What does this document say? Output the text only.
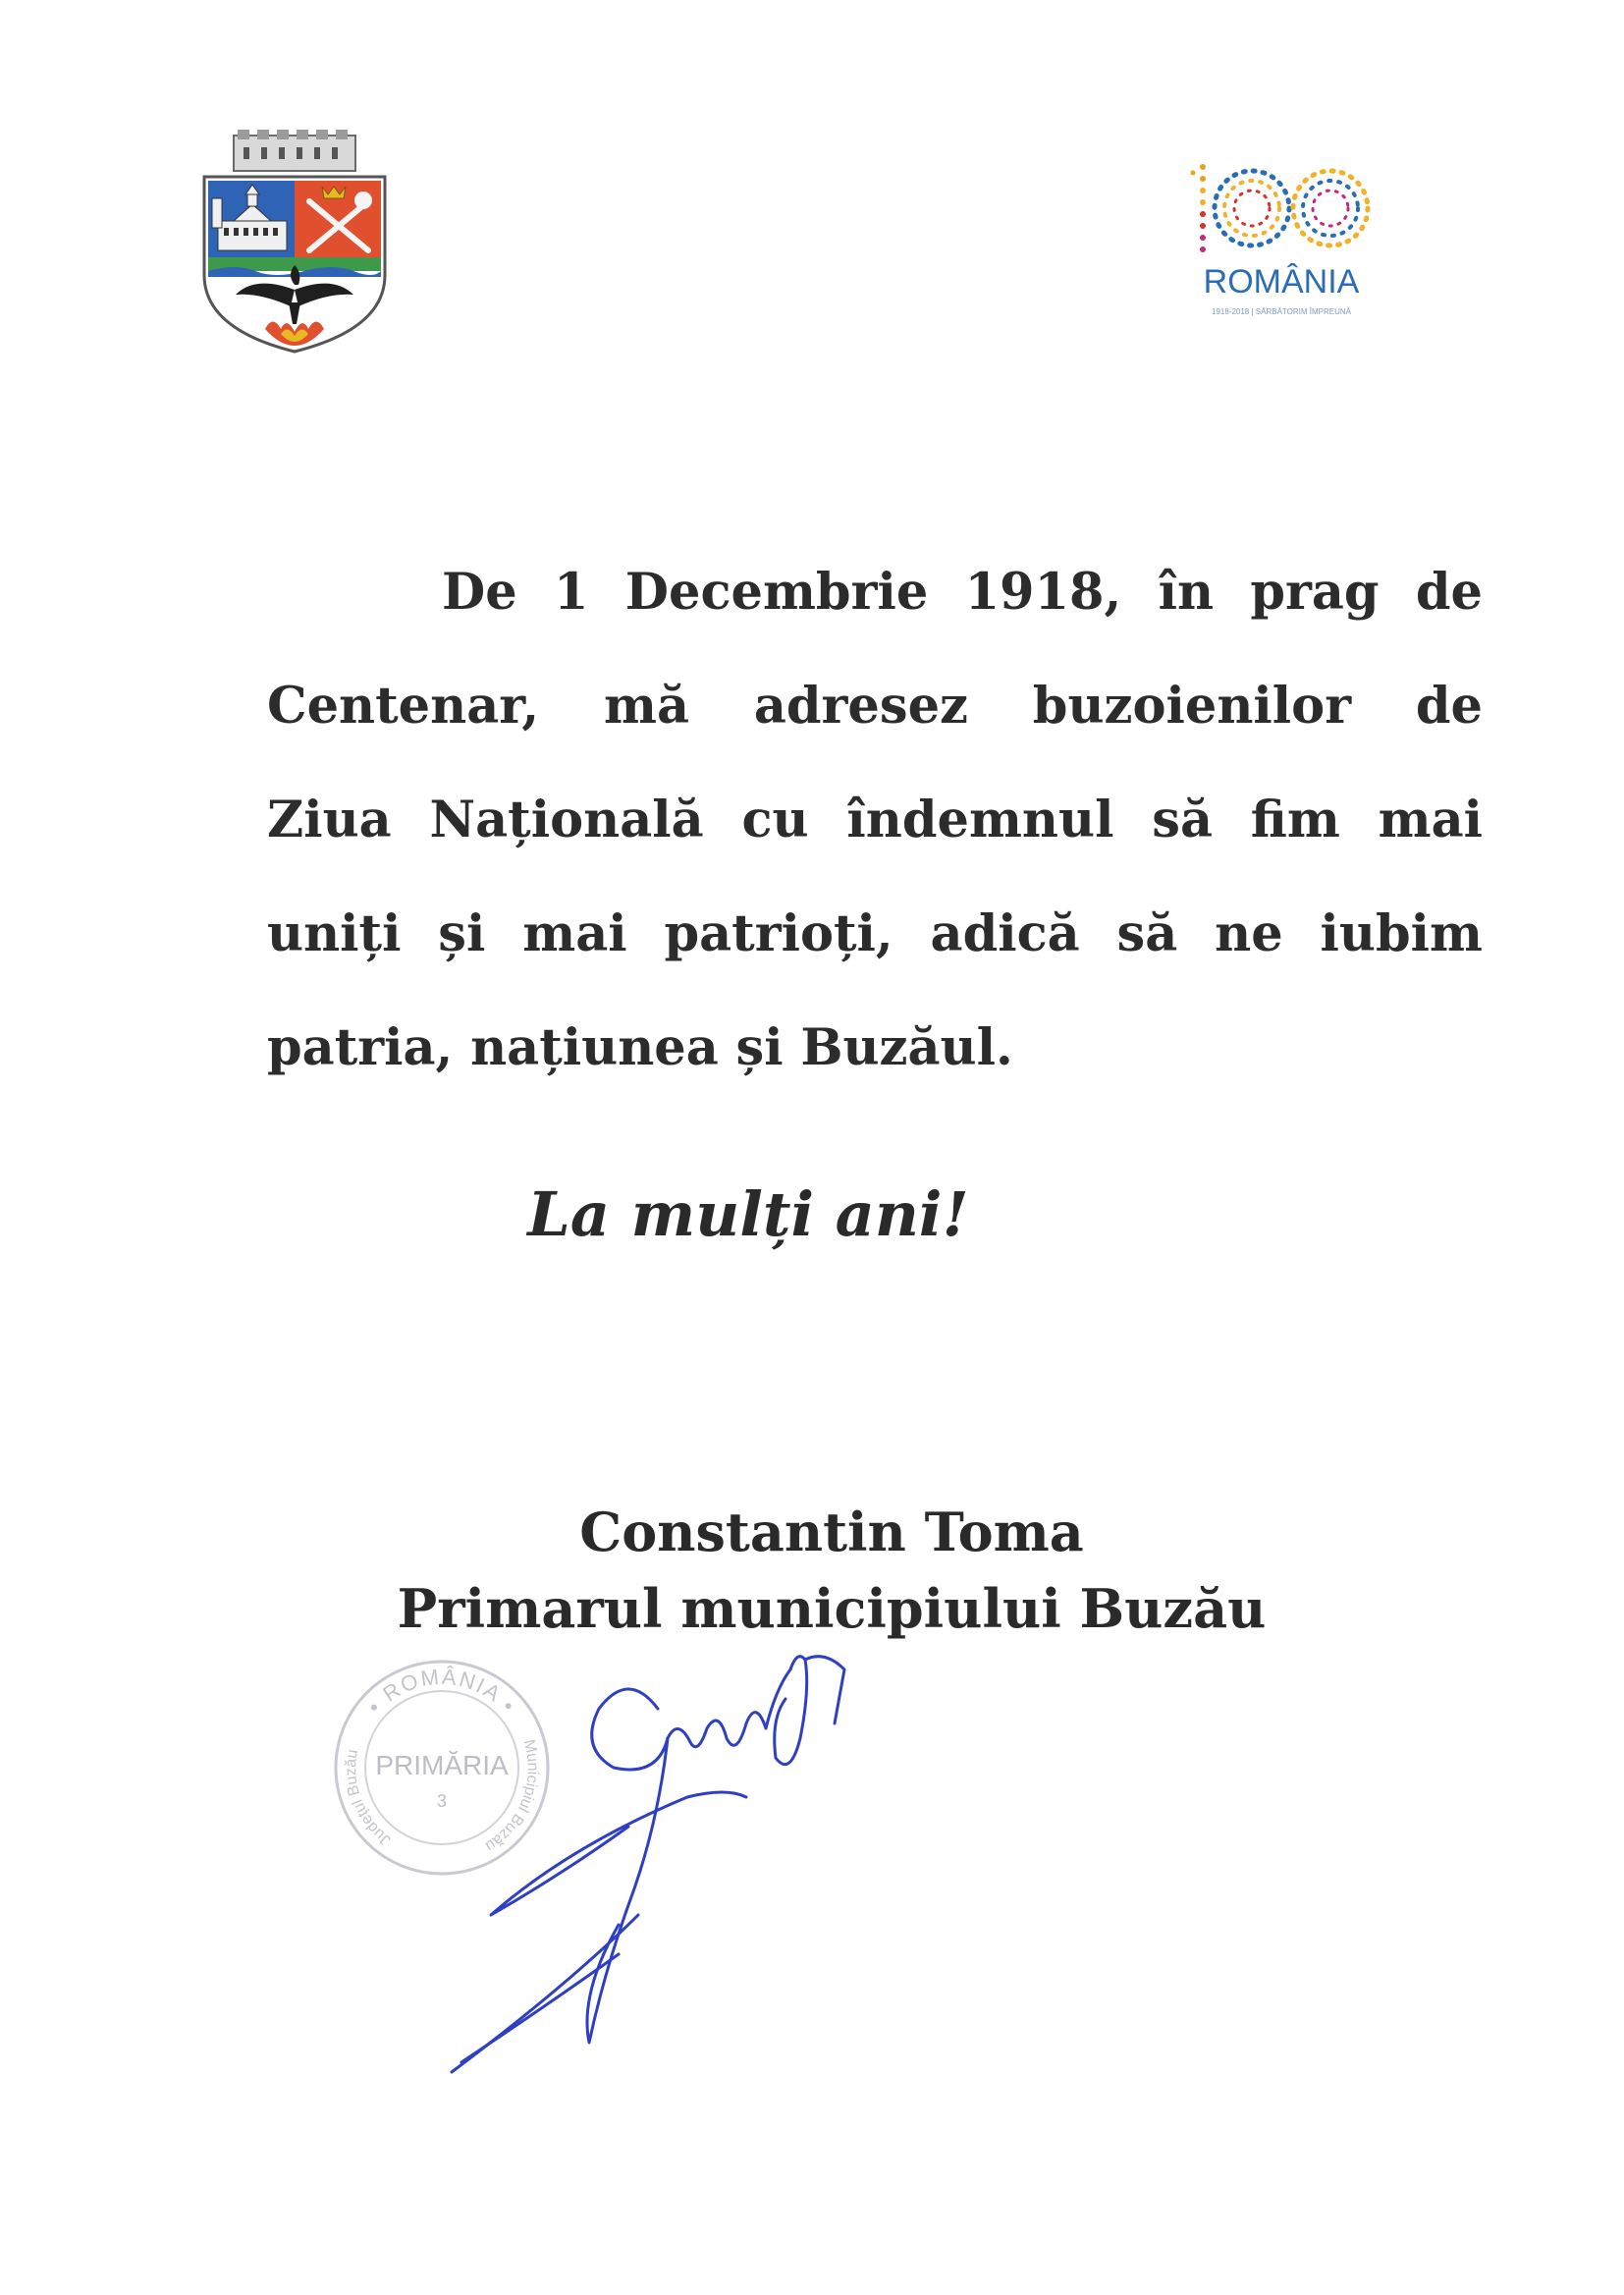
ROMÂNIA
1918-2018 | SĂRBĂTORIM ÎMPREUNĂ
De 1 Decembrie 1918, în prag de
Centenar, mă adresez buzoienilor de
Ziua Națională cu îndemnul să fim mai
uniți și mai patrioți, adică să ne iubim
patria, națiunea și Buzăul.
La mulți ani!
Constantin Toma
Primarul municipiului Buzău
• ROMÂNIA •
Județul Buzău	Municipiul Buzău
PRIMĂRIA
3
